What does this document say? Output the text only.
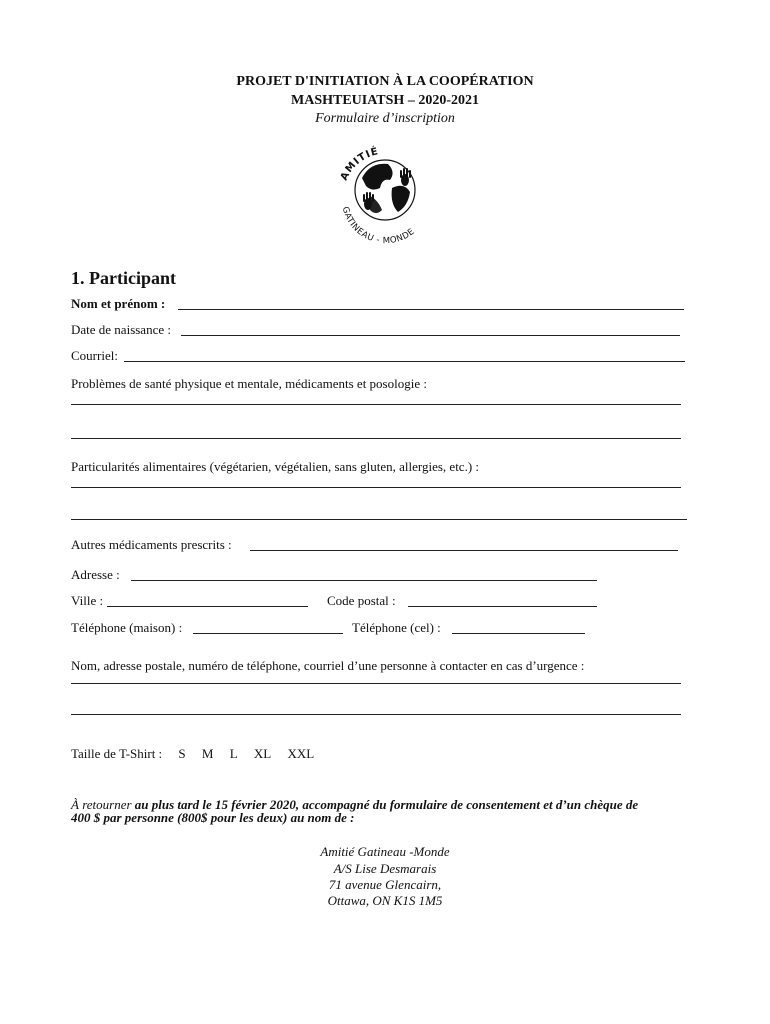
PROJET D'INITIATION À LA COOPÉRATION
MASHTEUIATSH – 2020-2021
Formulaire d’inscription
AMITIÉ
GATINEAU - MONDE
1. Participant
Nom et prénom :
Date de naissance :
Courriel:
Problèmes de santé physique et mentale, médicaments et posologie :
Particularités alimentaires (végétarien, végétalien, sans gluten, allergies, etc.) :
Autres médicaments prescrits :
Adresse :
Ville :	Code postal :
Téléphone (maison) :	Téléphone (cel) :
Nom, adresse postale, numéro de téléphone, courriel d’une personne à contacter en cas d’urgence :
Taille de T-Shirt : S M L XL XXL
À retourner au plus tard le 15 février 2020, accompagné du formulaire de consentement et d’un chèque de
400 $ par personne (800$ pour les deux) au nom de :
Amitié Gatineau -Monde
A/S Lise Desmarais
71 avenue Glencairn,
Ottawa, ON K1S 1M5
